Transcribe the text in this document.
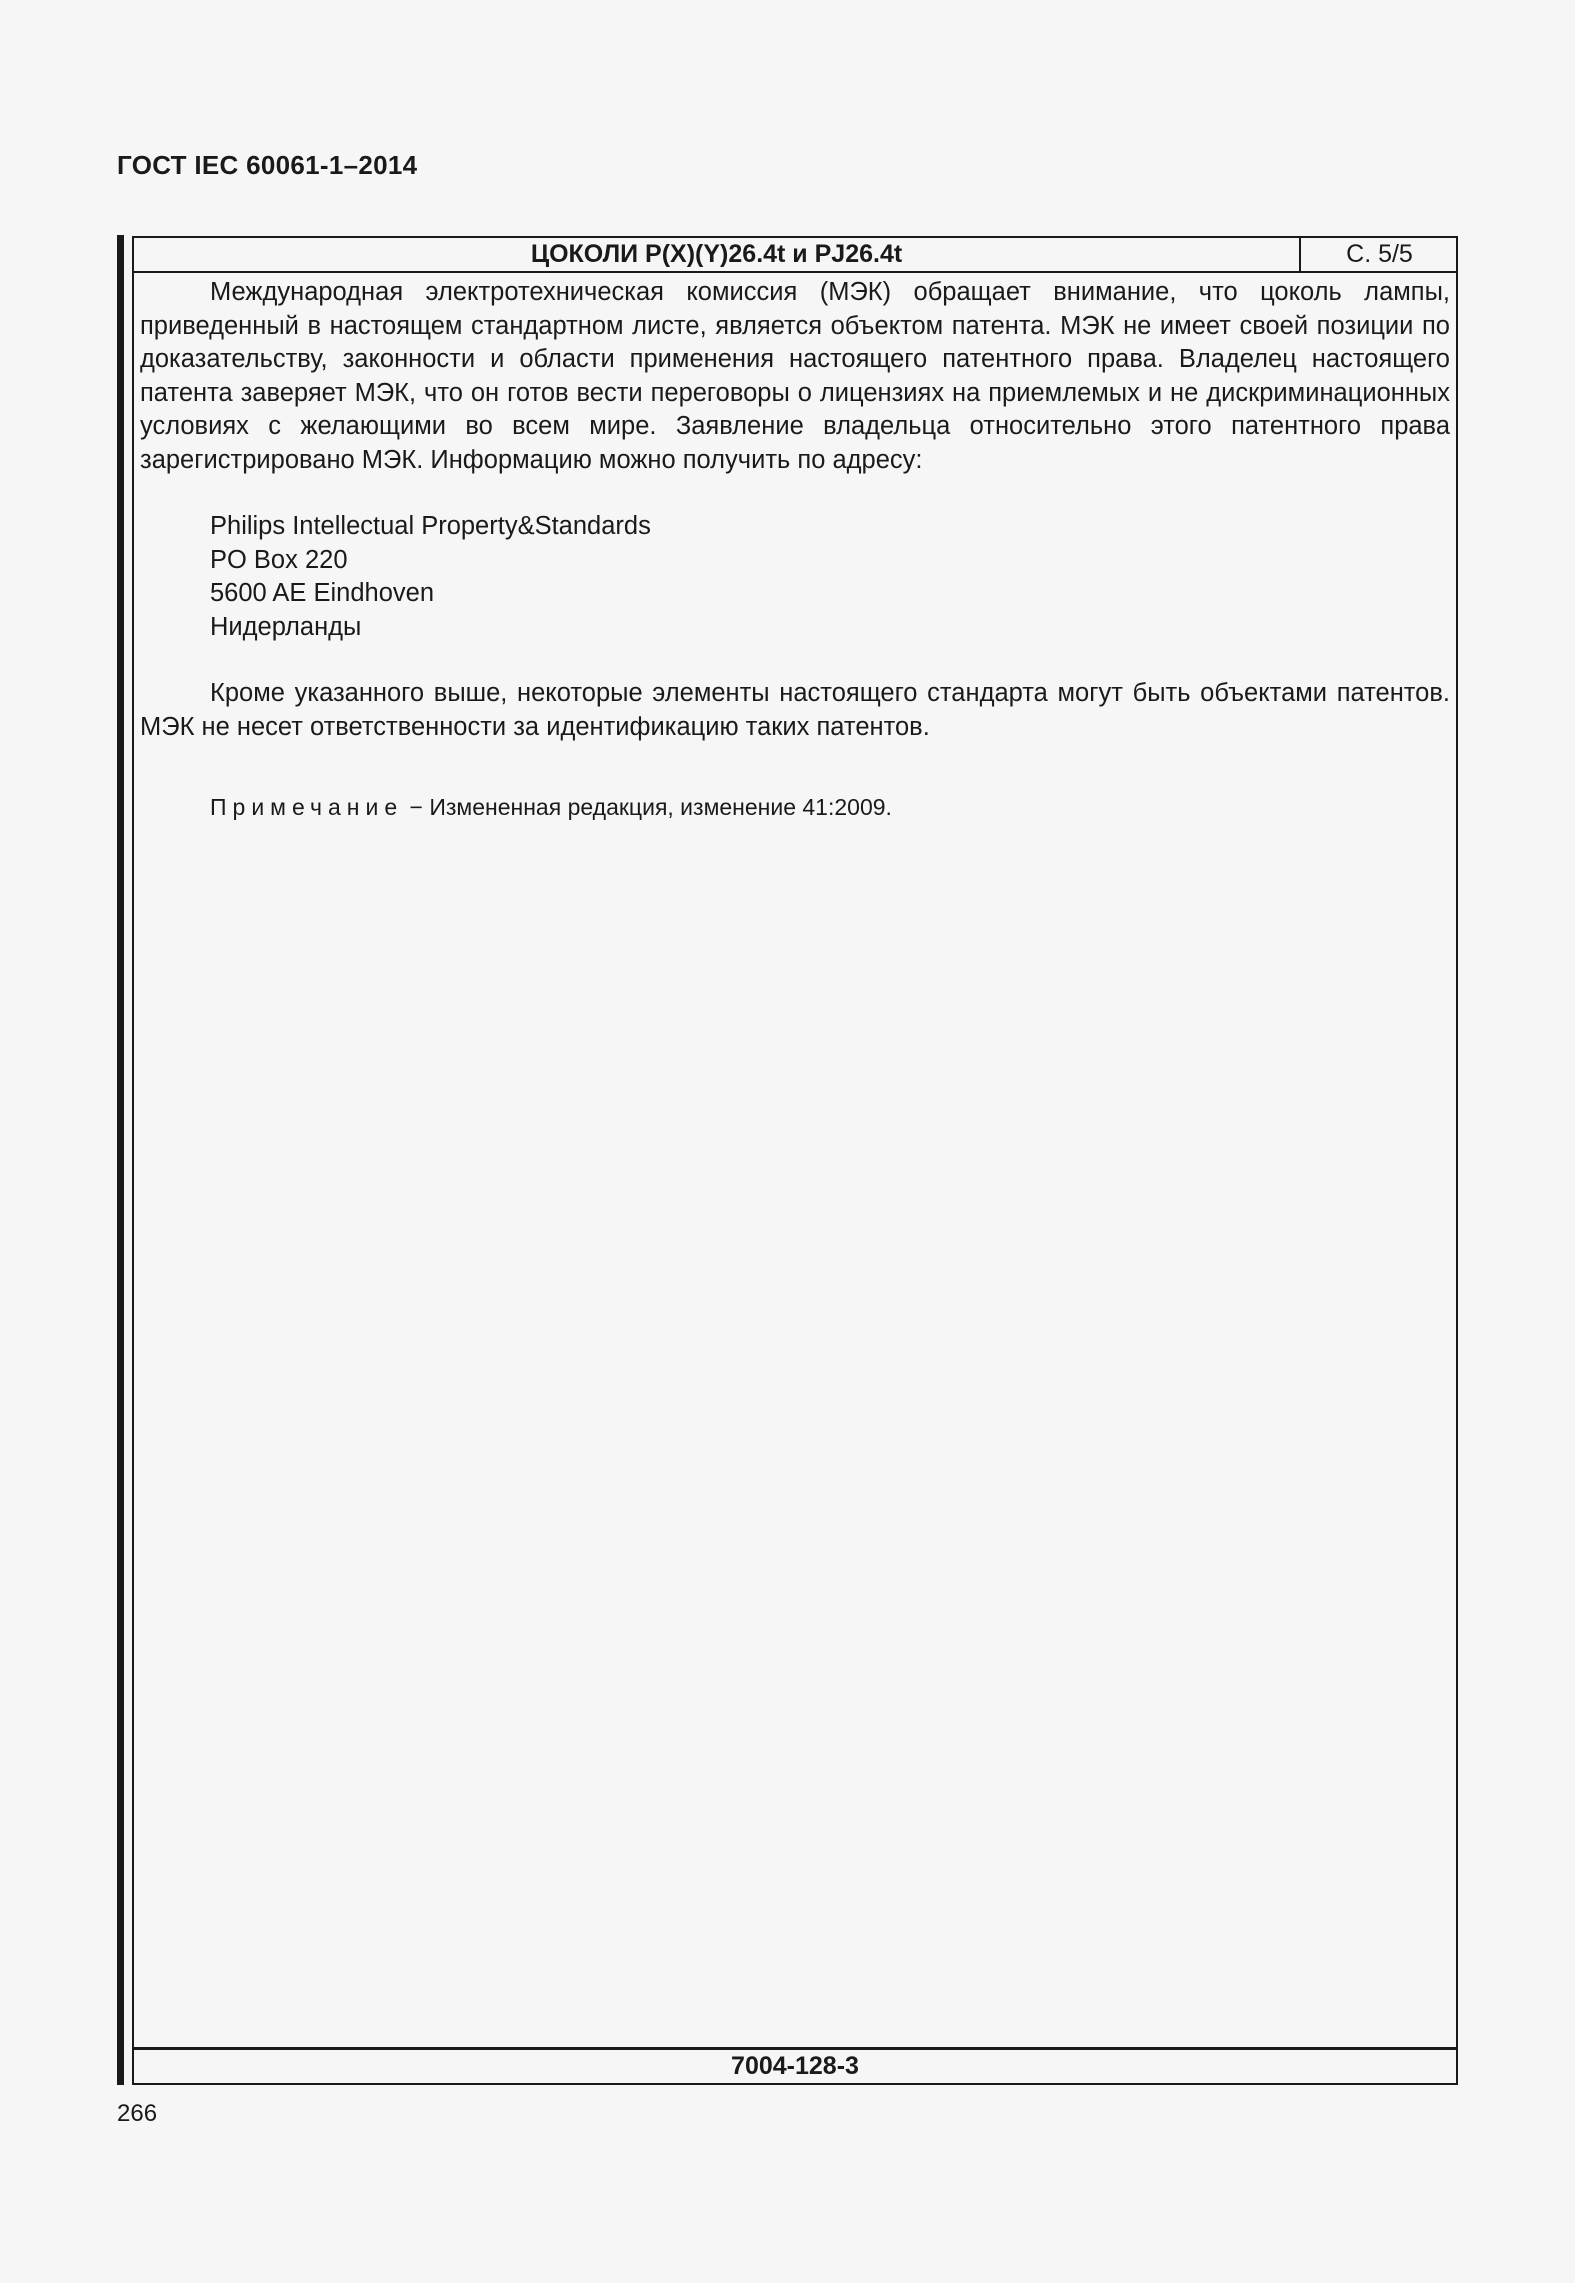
ГОСТ IEC 60061-1–2014
ЦОКОЛИ P(X)(Y)26.4t и PJ26.4t	С. 5/5

Международная электротехническая комиссия (МЭК) обращает внимание, что цоколь лампы, приведенный в настоящем стандартном листе, является объектом патента. МЭК не имеет своей позиции по доказательству, законности и области применения настоящего патентного права. Владелец настоящего патента заверяет МЭК, что он готов вести переговоры о лицензиях на приемлемых и не дискриминационных условиях с желающими во всем мире. Заявление владельца относительно этого патентного права зарегистрировано МЭК. Информацию можно получить по адресу:

Philips Intellectual Property&Standards
PO Box 220
5600 AE Eindhoven
Нидерланды

Кроме указанного выше, некоторые элементы настоящего стандарта могут быть объектами патентов. МЭК не несет ответственности за идентификацию таких патентов.

Примечание − Измененная редакция, изменение 41:2009.
7004-128-3
266
